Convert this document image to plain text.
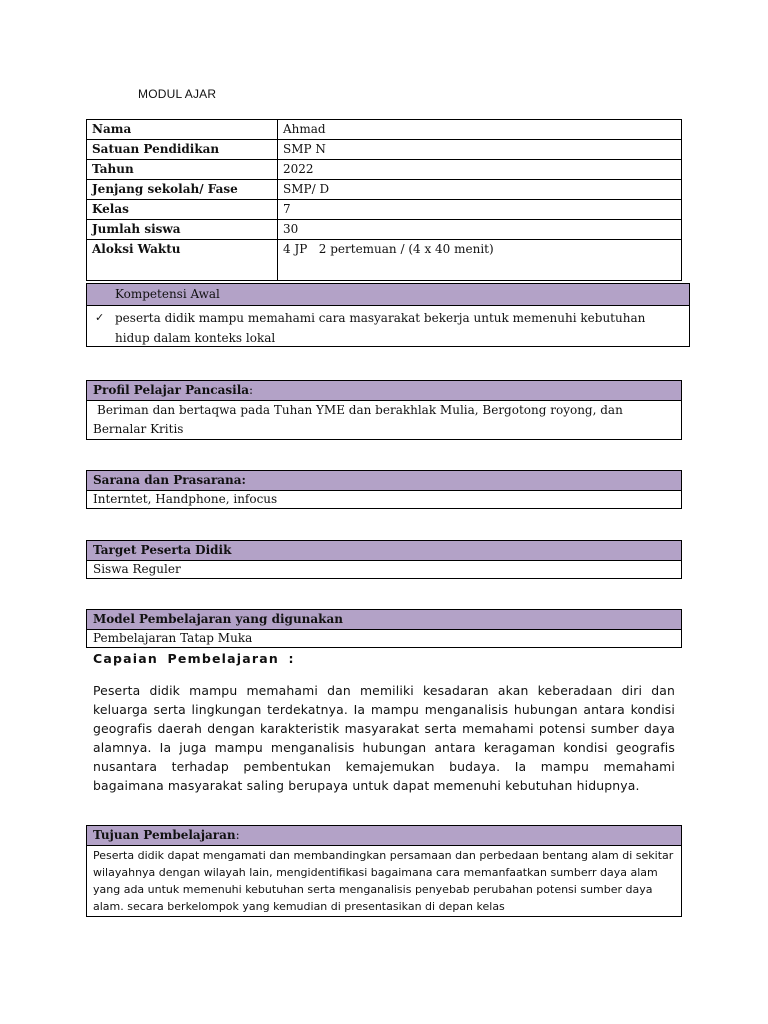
MODUL AJAR
Nama	Ahmad
Satuan Pendidikan	SMP N
Tahun	2022
Jenjang sekolah/ Fase	SMP/ D
Kelas	7
Jumlah siswa	30
Aloksi Waktu	4 JP   2 pertemuan / (4 x 40 menit)
Kompetensi Awal
✓ peserta didik mampu memahami cara masyarakat bekerja untuk memenuhi kebutuhan hidup dalam konteks lokal
Profil Pelajar Pancasila:
Beriman dan bertaqwa pada Tuhan YME dan berakhlak Mulia, Bergotong royong, dan Bernalar Kritis
Sarana dan Prasarana:
Interntet, Handphone, infocus
Target Peserta Didik
Siswa Reguler
Model Pembelajaran yang digunakan
Pembelajaran Tatap Muka
Capaian Pembelajaran :
Peserta didik mampu memahami dan memiliki kesadaran akan keberadaan diri dan keluarga serta lingkungan terdekatnya. Ia mampu menganalisis hubungan antara kondisi geografis daerah dengan karakteristik masyarakat serta memahami potensi sumber daya alamnya. Ia juga mampu menganalisis hubungan antara keragaman kondisi geografis nusantara terhadap pembentukan kemajemukan budaya. Ia mampu memahami bagaimana masyarakat saling berupaya untuk dapat memenuhi kebutuhan hidupnya.
Tujuan Pembelajaran:
Peserta didik dapat mengamati dan membandingkan persamaan dan perbedaan bentang alam di sekitar wilayahnya dengan wilayah lain, mengidentifikasi bagaimana cara memanfaatkan sumberr daya alam yang ada untuk memenuhi kebutuhan serta menganalisis penyebab perubahan potensi sumber daya alam. secara berkelompok yang kemudian di presentasikan di depan kelas
